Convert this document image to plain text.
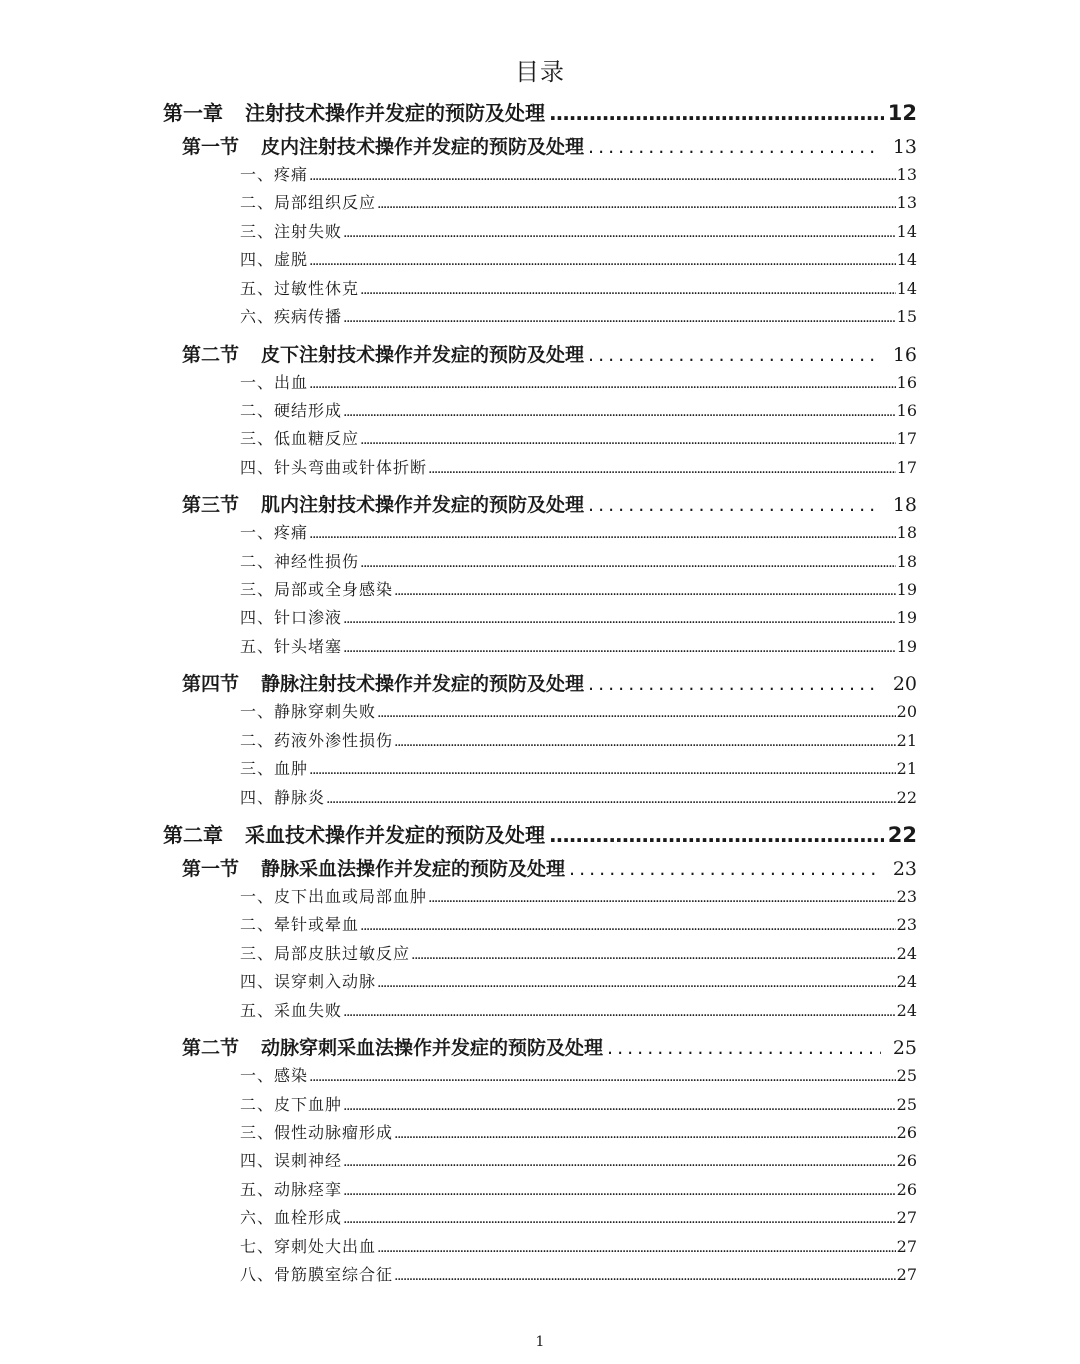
目录
第一章 注射技术操作并发症的预防及处理 .....	12
第一节 皮内注射技术操作并发症的预防及处理 .....	13
一、疼痛 .....	13
二、局部组织反应 .....	13
三、注射失败 .....	14
四、虚脱 .....	14
五、过敏性休克 .....	14
六、疾病传播 .....	15
第二节 皮下注射技术操作并发症的预防及处理 .....	16
一、出血 .....	16
二、硬结形成 .....	16
三、低血糖反应 .....	17
四、针头弯曲或针体折断 .....	17
第三节 肌内注射技术操作并发症的预防及处理 .....	18
一、疼痛 .....	18
二、神经性损伤 .....	18
三、局部或全身感染 .....	19
四、针口渗液 .....	19
五、针头堵塞 .....	19
第四节 静脉注射技术操作并发症的预防及处理 .....	20
一、静脉穿刺失败 .....	20
二、药液外渗性损伤 .....	21
三、血肿 .....	21
四、静脉炎 .....	22
第二章 采血技术操作并发症的预防及处理 .....	22
第一节 静脉采血法操作并发症的预防及处理 .....	23
一、皮下出血或局部血肿 .....	23
二、晕针或晕血 .....	23
三、局部皮肤过敏反应 .....	24
四、误穿刺入动脉 .....	24
五、采血失败 .....	24
第二节 动脉穿刺采血法操作并发症的预防及处理 .....	25
一、感染 .....	25
二、皮下血肿 .....	25
三、假性动脉瘤形成 .....	26
四、误刺神经 .....	26
五、动脉痉挛 .....	26
六、血栓形成 .....	27
七、穿刺处大出血 .....	27
八、骨筋膜室综合征 .....	27
1
